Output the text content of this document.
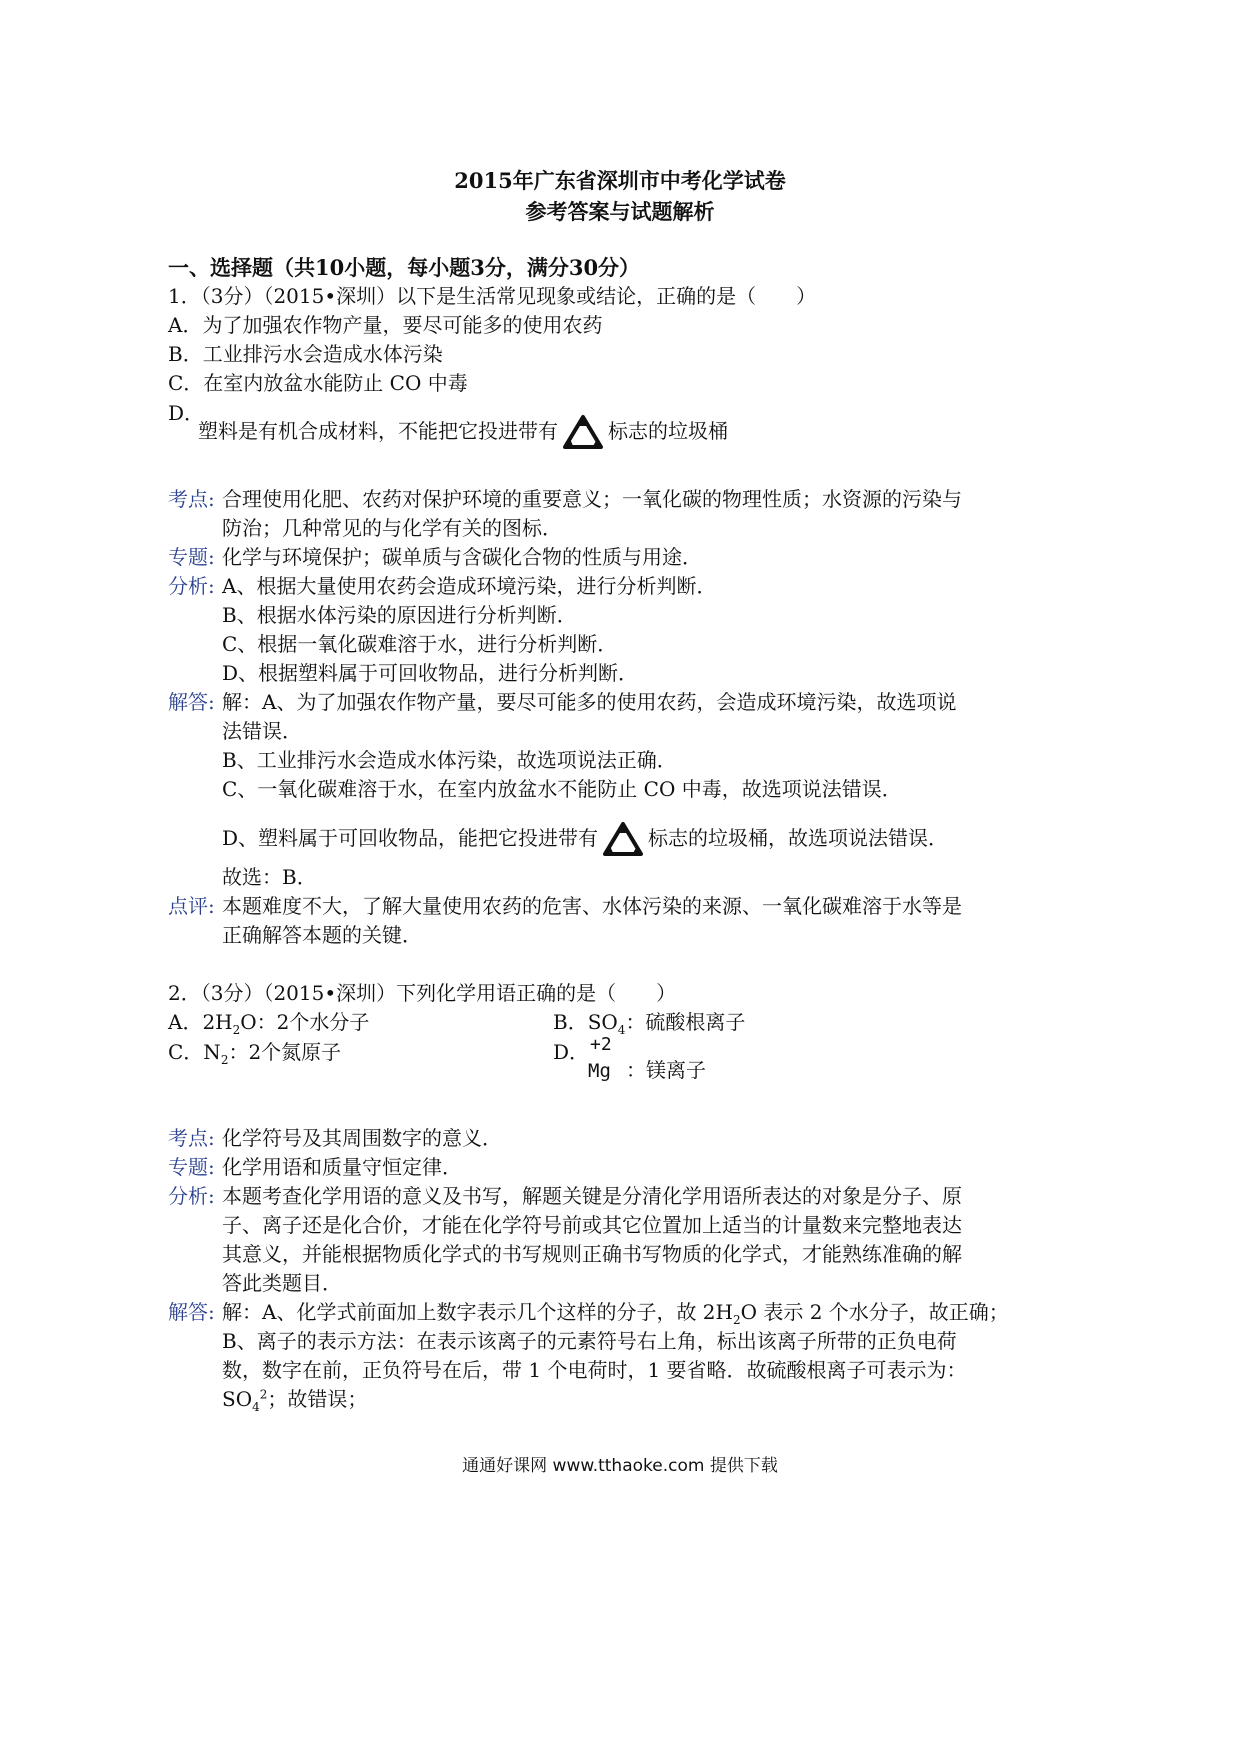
2015年广东省深圳市中考化学试卷
参考答案与试题解析
一、选择题（共10小题，每小题3分，满分30分）
1．（3分）（2015•深圳）以下是生活常见现象或结论，正确的是（　　）
A．为了加强农作物产量，要尽可能多的使用农药
B．工业排污水会造成水体污染
C．在室内放盆水能防止 CO 中毒
D．
塑料是有机合成材料，不能把它投进带有	标志的垃圾桶
考点: 合理使用化肥、农药对保护环境的重要意义；一氧化碳的物理性质；水资源的污染与
防治；几种常见的与化学有关的图标．
专题: 化学与环境保护；碳单质与含碳化合物的性质与用途．
分析: A、根据大量使用农药会造成环境污染，进行分析判断．
B、根据水体污染的原因进行分析判断．
C、根据一氧化碳难溶于水，进行分析判断．
D、根据塑料属于可回收物品，进行分析判断．
解答: 解：A、为了加强农作物产量，要尽可能多的使用农药，会造成环境污染，故选项说
法错误．
B、工业排污水会造成水体污染，故选项说法正确．
C、一氧化碳难溶于水，在室内放盆水不能防止 CO 中毒，故选项说法错误．
D、塑料属于可回收物品，能把它投进带有	标志的垃圾桶，故选项说法错误．
故选：B．
点评: 本题难度不大，了解大量使用农药的危害、水体污染的来源、一氧化碳难溶于水等是
正确解答本题的关键．
2．（3分）（2015•深圳）下列化学用语正确的是（　　）
A．$2H_2O$：2个水分子	B．$SO_4$：硫酸根离子
C．$N_2$：2个氮原子	D． +2
Mg ：镁离子
考点: 化学符号及其周围数字的意义．
专题: 化学用语和质量守恒定律．
分析: 本题考查化学用语的意义及书写，解题关键是分清化学用语所表达的对象是分子、原
子、离子还是化合价，才能在化学符号前或其它位置加上适当的计量数来完整地表达
其意义，并能根据物质化学式的书写规则正确书写物质的化学式，才能熟练准确的解
答此类题目．
解答: 解：A、化学式前面加上数字表示几个这样的分子，故 $2H_2O$ 表示 2 个水分子，故正确；
B、离子的表示方法：在表示该离子的元素符号右上角，标出该离子所带的正负电荷
数，数字在前，正负符号在后，带 1 个电荷时，1 要省略．故硫酸根离子可表示为：
$SO_4^2$；故错误；
通通好课网 www.tthaoke.com 提供下载
